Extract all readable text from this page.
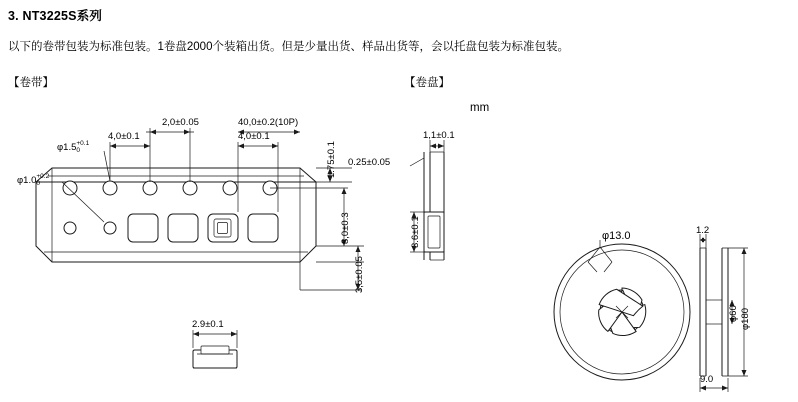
3. NT3225S系列
以下的卷带包装为标准包装。1卷盘2000个装箱出货。但是少量出货、样品出货等，会以托盘包装为标准包装。
【卷带】	【卷盘】
mm
2,0±0.05
4,0±0.1
40,0±0.2(10P)
4,0±0.1
φ1.5 +0.1
0
φ1.0 +0.2
0
1.75±0.1
8,0±0.3
3,5±0.05
2.9±0.1
1,1±0.1
0.25±0.05
3.6±0.1	φ13.0
φ60 φ180
1.2
9.0
